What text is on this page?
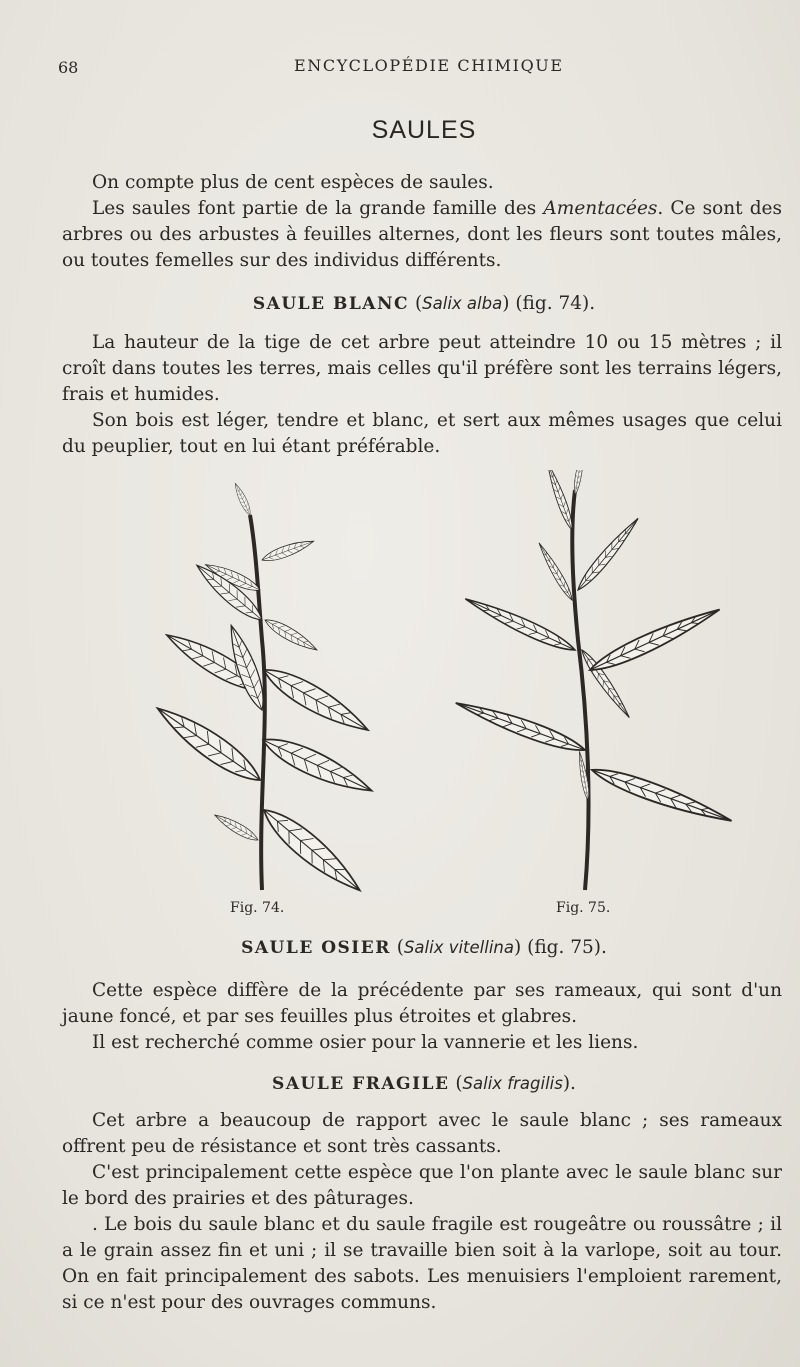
68	ENCYCLOPÉDIE CHIMIQUE
SAULES

On compte plus de cent espèces de saules.

Les saules font partie de la grande famille des Amentacées. Ce sont des arbres ou des arbustes à feuilles alternes, dont les fleurs sont toutes mâles, ou toutes femelles sur des individus différents.

SAULE BLANC (Salix alba) (fig. 74).

La hauteur de la tige de cet arbre peut atteindre 10 ou 15 mètres ; il croît dans toutes les terres, mais celles qu'il préfère sont les terrains légers, frais et humides.

Son bois est léger, tendre et blanc, et sert aux mêmes usages que celui du peuplier, tout en lui étant préférable.

Fig. 74.	Fig. 75.
SAULE OSIER (Salix vitellina) (fig. 75).

Cette espèce diffère de la précédente par ses rameaux, qui sont d'un jaune foncé, et par ses feuilles plus étroites et glabres.

Il est recherché comme osier pour la vannerie et les liens.

SAULE FRAGILE (Salix fragilis).

Cet arbre a beaucoup de rapport avec le saule blanc ; ses rameaux offrent peu de résistance et sont très cassants.

C'est principalement cette espèce que l'on plante avec le saule blanc sur le bord des prairies et des pâturages.

. Le bois du saule blanc et du saule fragile est rougeâtre ou roussâtre ; il a le grain assez fin et uni ; il se travaille bien soit à la varlope, soit au tour. On en fait principalement des sabots. Les menuisiers l'emploient rarement, si ce n'est pour des ouvrages communs.
